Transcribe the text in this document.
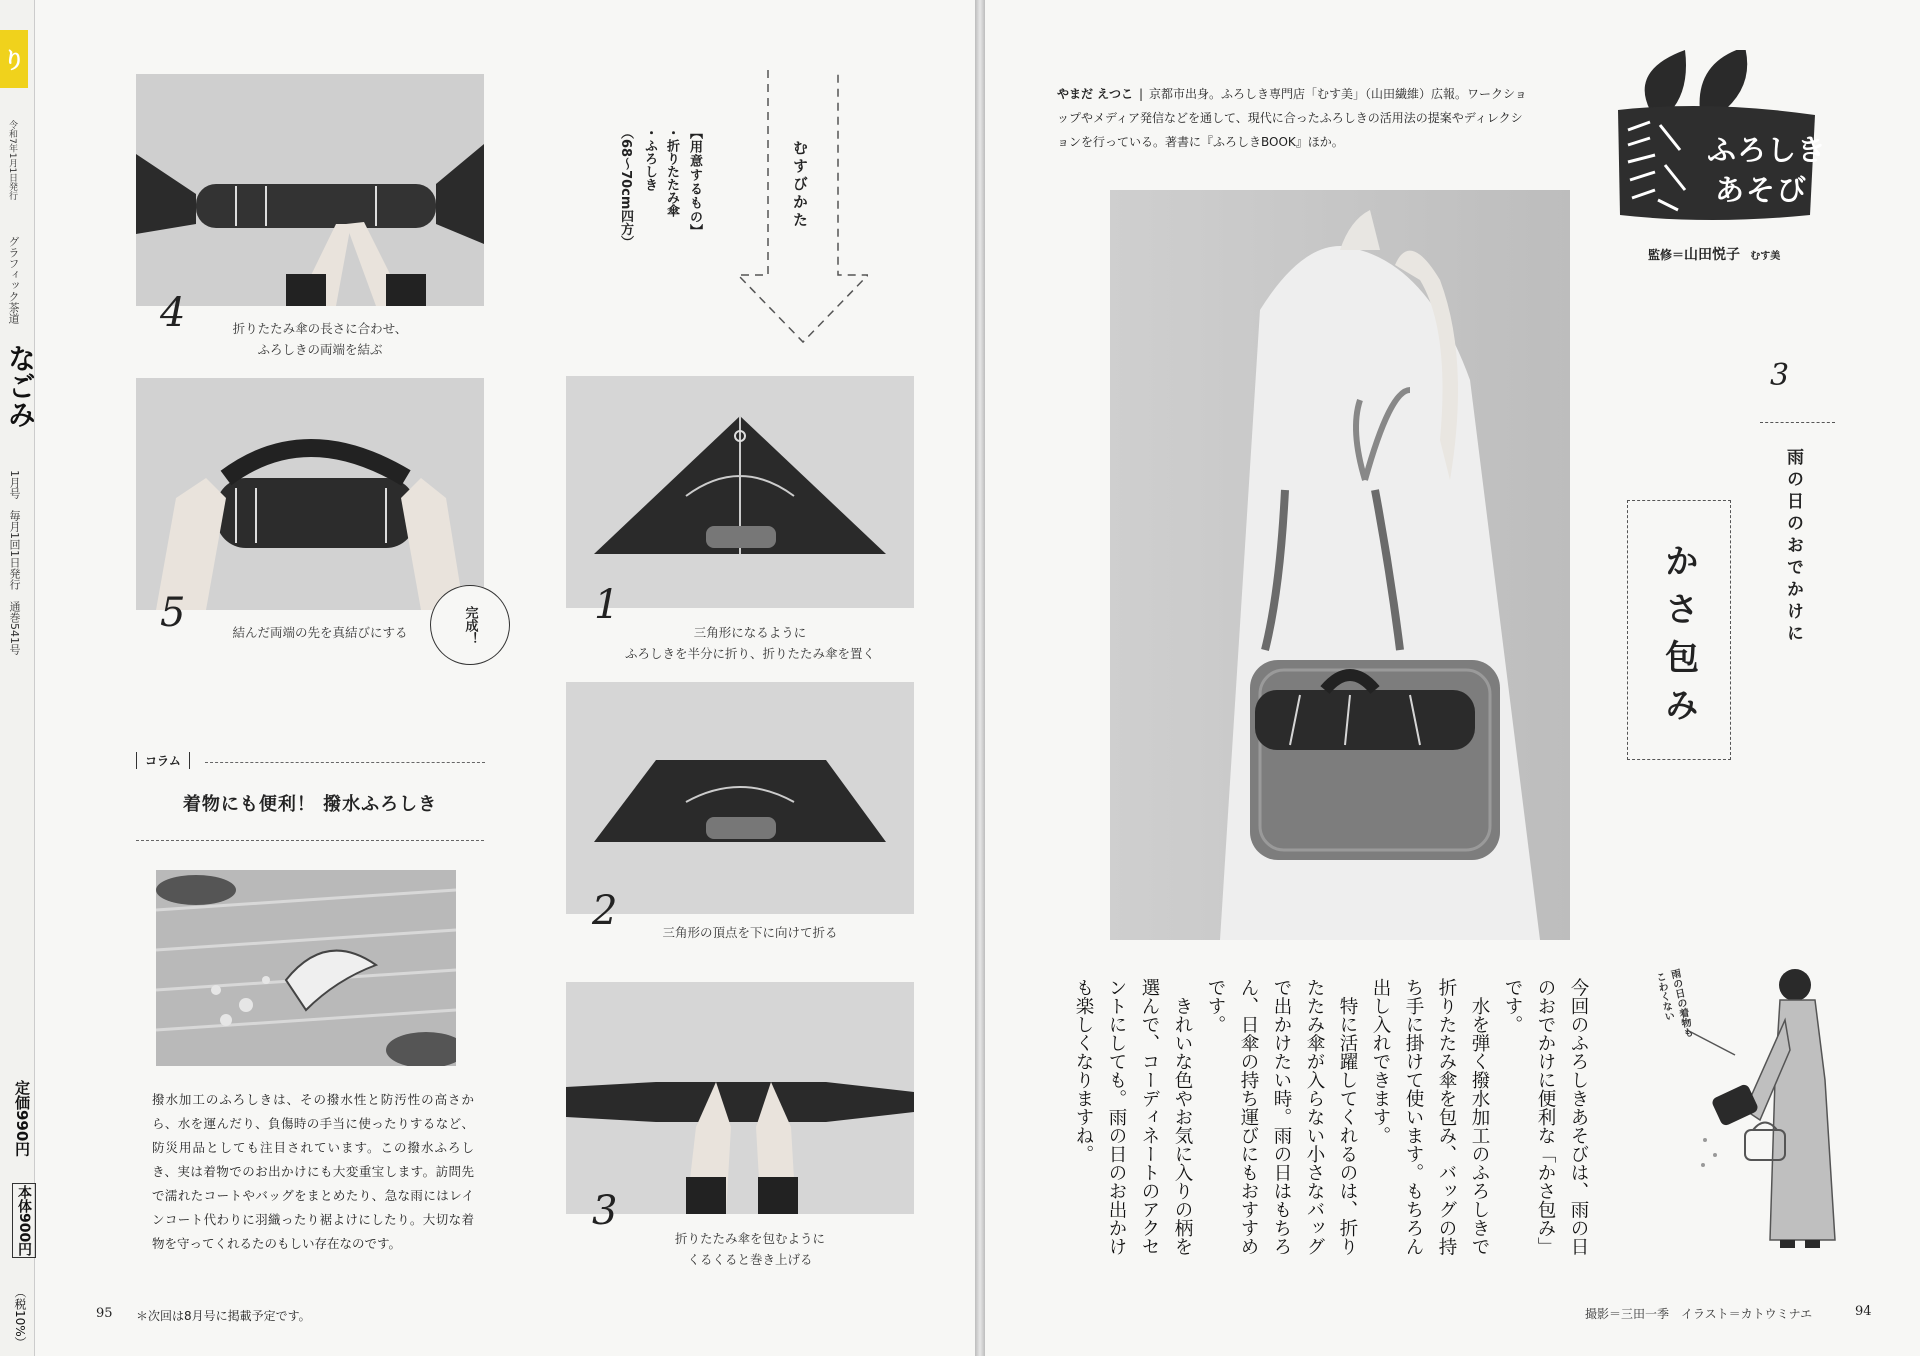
り
令和7年1月1日発行
グラフィック茶道
なごみ
1月号　毎月1回1日発行　通巻541号
定価990円
本体900円
（税10%）
4	折りたたみ傘の長さに合わせ、
ふろしきの両端を結ぶ
5	結んだ両端の先を真結びにする	完成！
【用意するもの】
・折りたたみ傘
・ふろしき
（68～70cm四方）	むすびかた
1
三角形になるように
ふろしきを半分に折り、折りたたみ傘を置く
2	三角形の頂点を下に向けて折る
3
折りたたみ傘を包むように
くるくると巻き上げる
コラム
着物にも便利！ 撥水ふろしき
撥水加工のふろしきは、その撥水性と防汚性の高さから、水を運んだり、負傷時の手当に使ったりするなど、防災用品としても注目されています。この撥水ふろしき、実は着物でのお出かけにも大変重宝します。訪問先で濡れたコートやバッグをまとめたり、急な雨にはレインコート代わりに羽織ったり裾よけにしたり。大切な着物を守ってくれるたのもしい存在なのです。
95 ＊次回は8月号に掲載予定です。
やまだ えつこ | 京都市出身。ふろしき専門店「むす美」（山田繊維）広報。ワークショップやメディア発信などを通して、現代に合ったふろしきの活用法の提案やディレクションを行っている。著書に『ふろしきBOOK』ほか。	ふろしき
あそび
監修＝山田悦子 むす美
3
雨の日のおでかけに
かさ包み
今回のふろしきあそびは、雨の日のおでかけに便利な「かさ包み」です。
　水を弾く撥水加工のふろしきで折りたたみ傘を包み、バッグの持ち手に掛けて使います。もちろん出し入れできます。
　特に活躍してくれるのは、折りたたみ傘が入らない小さなバッグで出かけたい時。雨の日はもちろん、日傘の持ち運びにもおすすめです。
　きれいな色やお気に入りの柄を選んで、コーディネートのアクセントにしても。雨の日のお出かけも楽しくなりますね。	雨の日の着物も
こわくない
撮影＝三田一季　イラスト＝カトウミナエ	94
